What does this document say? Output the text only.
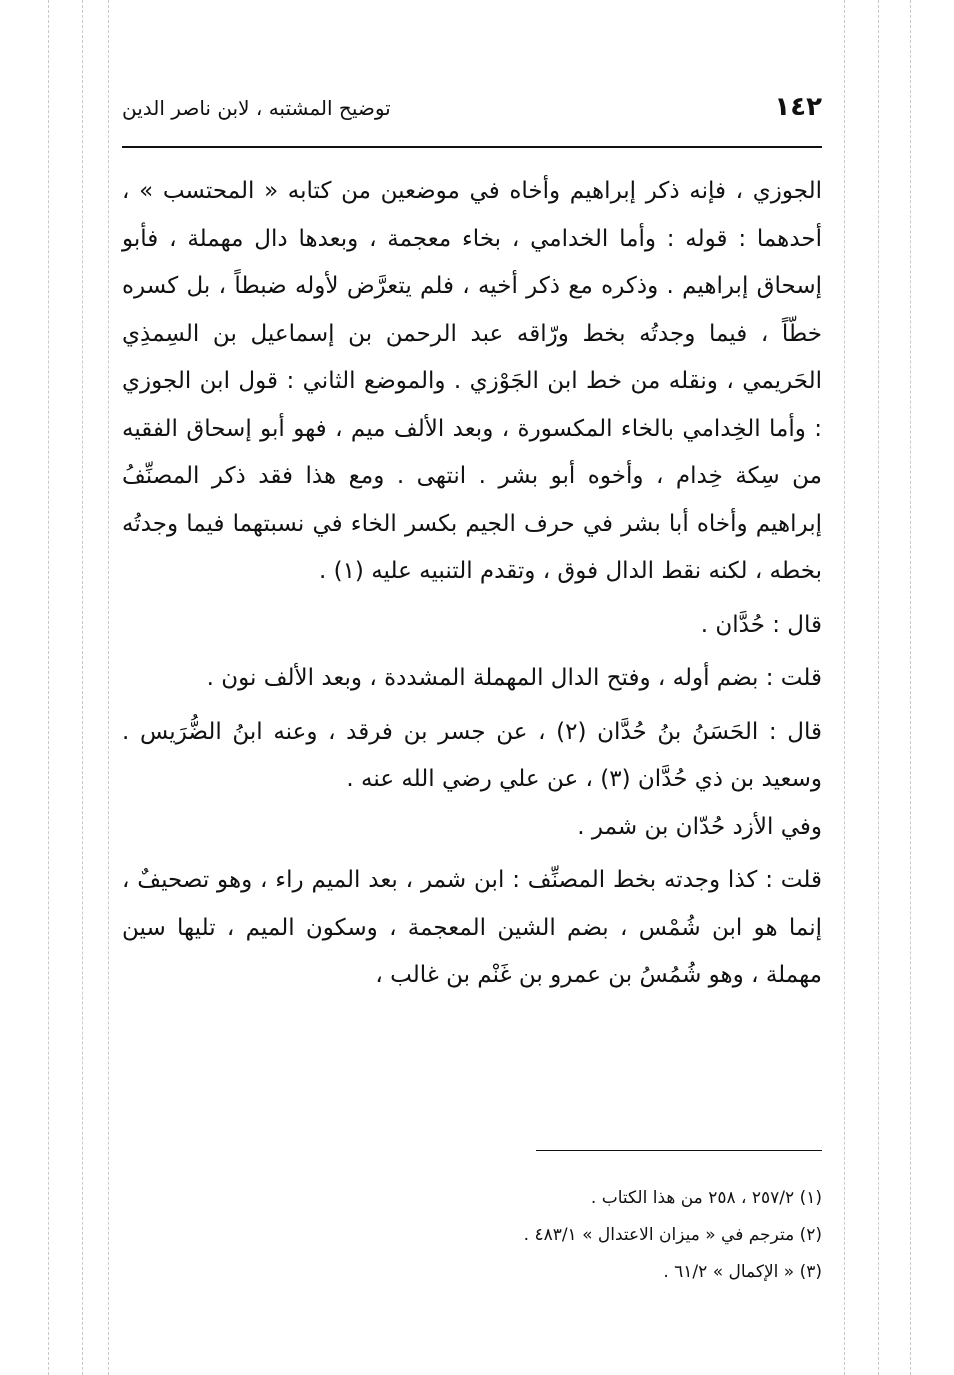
١٤٢
توضيح المشتبه ، لابن ناصر الدين

الجوزي ، فإنه ذكر إبراهيم وأخاه في موضعين من كتابه « المحتسب » ، أحدهما : قوله : وأما الخدامي ، بخاء معجمة ، وبعدها دال مهملة ، فأبو إسحاق إبراهيم . وذكره مع ذكر أخيه ، فلم يتعرَّض لأوله ضبطاً ، بل كسره خطّاً ، فيما وجدتُه بخط ورّاقه عبد الرحمن بن إسماعيل بن السِمذِي الحَريمي ، ونقله من خط ابن الجَوْزي . والموضع الثاني : قول ابن الجوزي : وأما الخِدامي بالخاء المكسورة ، وبعد الألف ميم ، فهو أبو إسحاق الفقيه من سِكة خِدام ، وأخوه أبو بشر . انتهى . ومع هذا فقد ذكر المصنِّفُ إبراهيم وأخاه أبا بشر في حرف الجيم بكسر الخاء في نسبتهما فيما وجدتُه بخطه ، لكنه نقط الدال فوق ، وتقدم التنبيه عليه (١) .

قال : حُدَّان .

قلت : بضم أوله ، وفتح الدال المهملة المشددة ، وبعد الألف نون .

قال : الحَسَنُ بنُ حُدَّان (٢) ، عن جسر بن فرقد ، وعنه ابنُ الضُّرَيس . وسعيد بن ذي حُدَّان (٣) ، عن علي رضي الله عنه .

وفي الأزد حُدّان بن شمر .

قلت : كذا وجدته بخط المصنِّف : ابن شمر ، بعد الميم راء ، وهو تصحيفٌ ، إنما هو ابن شُمْس ، بضم الشين المعجمة ، وسكون الميم ، تليها سين مهملة ، وهو شُمُسُ بن عمرو بن غَنْم بن غالب ،

(١) ٢٥٧/٢ ، ٢٥٨ من هذا الكتاب .
(٢) مترجم في « ميزان الاعتدال » ٤٨٣/١ .
(٣) « الإكمال » ٦١/٢ .
